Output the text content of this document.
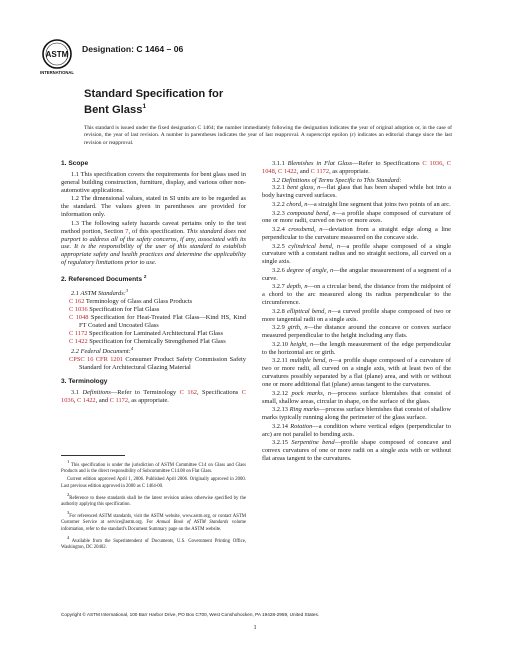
ASTM
INTERNATIONAL
Designation: C 1464 – 06
Standard Specification for
Bent Glass$^1$
This standard is issued under the fixed designation C 1464; the number immediately following the designation indicates the year of original adoption or, in the case of revision, the year of last revision. A number in parentheses indicates the year of last reapproval. A superscript epsilon (ε) indicates an editorial change since the last revision or reapproval.
1. Scope

1.1 This specification covers the requirements for bent glass used in general building construction, furniture, display, and various other non-automotive applications.

1.2 The dimensional values, stated in SI units are to be regarded as the standard. The values given in parentheses are provided for information only.

1.3 The following safety hazards caveat pertains only to the test method portion, Section 7, of this specification. This standard does not purport to address all of the safety concerns, if any, associated with its use. It is the responsibility of the user of this standard to establish appropriate safety and health practices and determine the applicability of regulatory limitations prior to use.

2. Referenced Documents $^2$

2.1 ASTM Standards:$^3$

C 162 Terminology of Glass and Glass Products

C 1036 Specification for Flat Glass

C 1048 Specification for Heat-Treated Flat Glass—Kind HS, Kind FT Coated and Uncoated Glass

C 1172 Specification for Laminated Architectural Flat Glass

C 1422 Specification for Chemically Strengthened Flat Glass

2.2 Federal Document:$^4$

CPSC 16 CFR 1201 Consumer Product Safety Commission Safety Standard for Architectural Glazing Material

3. Terminology

3.1 Definitions—Refer to Terminology C 162, Specifications C 1036, C 1422, and C 1172, as appropriate.

$^1$ This specification is under the jurisdiction of ASTM Committee C14 on Glass and Glass Products and is the direct responsibility of Subcommittee C14.08 on Flat Glass.

Current edition approved April 1, 2006. Published April 2006. Originally approved in 2000. Last previous edition approved in 2000 as C 1464-00.

$^2$Reference to these standards shall be the latest revision unless otherwise specified by the authority applying this specification.

$^3$For referenced ASTM standards, visit the ASTM website, www.astm.org, or contact ASTM Customer Service at service@astm.org. For Annual Book of ASTM Standards volume information, refer to the standard's Document Summary page on the ASTM website.

$^4$ Available from the Superintendent of Documents, U.S. Government Printing Office, Washington, DC 20402.

3.1.1 Blemishes in Flat Glass—Refer to Specifications C 1036, C 1048, C 1422, and C 1172, as appropriate.

3.2 Definitions of Terms Specific to This Standard:

3.2.1 bent glass, n—flat glass that has been shaped while hot into a body having curved surfaces.

3.2.2 chord, n—a straight line segment that joins two points of an arc.

3.2.3 compound bend, n—a profile shape composed of curvature of one or more radii, curved on two or more axes.

3.2.4 crossbend, n—deviation from a straight edge along a line perpendicular to the curvature measured on the concave side.

3.2.5 cylindrical bend, n—a profile shape composed of a single curvature with a constant radius and no straight sections, all curved on a single axis.

3.2.6 degree of angle, n—the angular measurement of a segment of a curve.

3.2.7 depth, n—on a circular bend, the distance from the midpoint of a chord to the arc measured along its radius perpendicular to the circumference.

3.2.8 elliptical bend, n—a curved profile shape composed of two or more tangential radii on a single axis.

3.2.9 girth, n—the distance around the concave or convex surface measured perpendicular to the height including any flats.

3.2.10 height, n—the length measurement of the edge perpendicular to the horizontal arc or girth.

3.2.11 multiple bend, n—a profile shape composed of a curvature of two or more radii, all curved on a single axis, with at least two of the curvatures possibly separated by a flat (plane) area, and with or without one or more additional flat (plane) areas tangent to the curvatures.

3.2.12 pock marks, n—process surface blemishes that consist of small, shallow areas, circular in shape, on the surface of the glass.

3.2.13 Ring marks—process surface blemishes that consist of shallow marks typically running along the perimeter of the glass surface.

3.2.14 Rotation—a condition where vertical edges (perpendicular to arc) are not parallel to bending axis.

3.2.15 Serpentine bend—profile shape composed of concave and convex curvatures of one or more radii on a single axis with or without flat areas tangent to the curvatures.

Copyright © ASTM International, 100 Barr Harbor Drive, PO Box C700, West Conshohocken, PA 19428-2959, United States.
1
